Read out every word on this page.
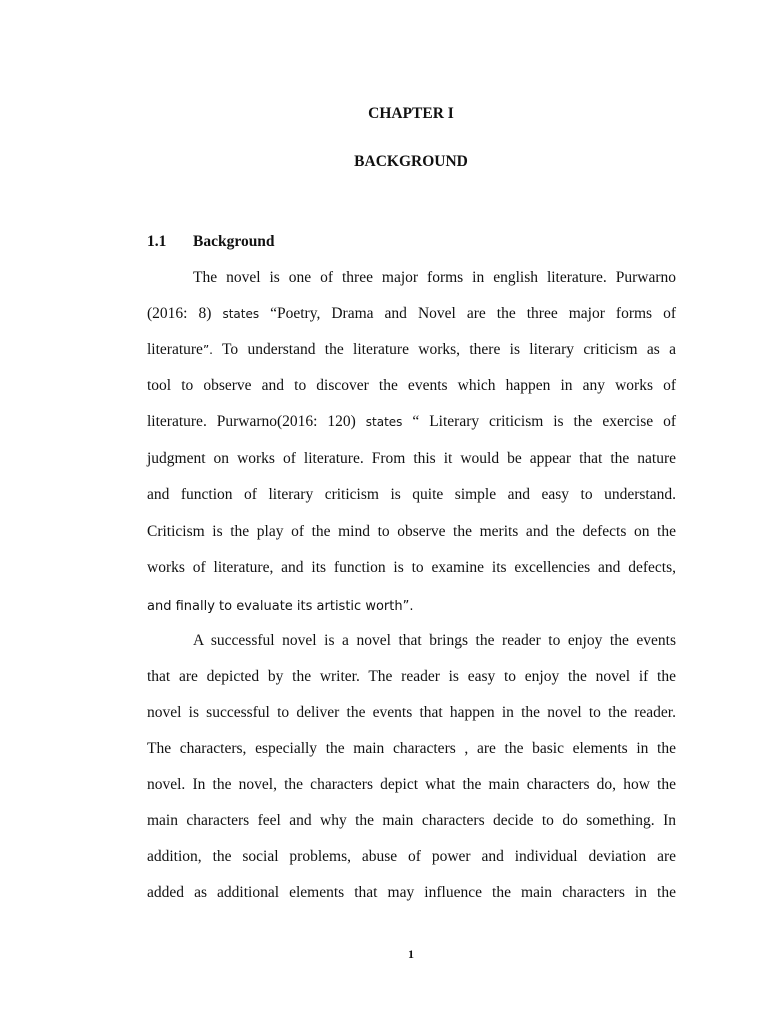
CHAPTER I
BACKGROUND
1.1 Background
The novel is one of three major forms in english literature. Purwarno
(2016: 8) states “Poetry, Drama and Novel are the three major forms of
literature”. To understand the literature works, there is literary criticism as a
tool to observe and to discover the events which happen in any works of
literature. Purwarno(2016: 120) states “ Literary criticism is the exercise of
judgment on works of literature. From this it would be appear that the nature
and function of literary criticism is quite simple and easy to understand.
Criticism is the play of the mind to observe the merits and the defects on the
works of literature, and its function is to examine its excellencies and defects,
and finally to evaluate its artistic worth”.
A successful novel is a novel that brings the reader to enjoy the events
that are depicted by the writer. The reader is easy to enjoy the novel if the
novel is successful to deliver the events that happen in the novel to the reader.
The characters, especially the main characters , are the basic elements in the
novel. In the novel, the characters depict what the main characters do, how the
main characters feel and why the main characters decide to do something. In
addition, the social problems, abuse of power and individual deviation are
added as additional elements that may influence the main characters in the
1
